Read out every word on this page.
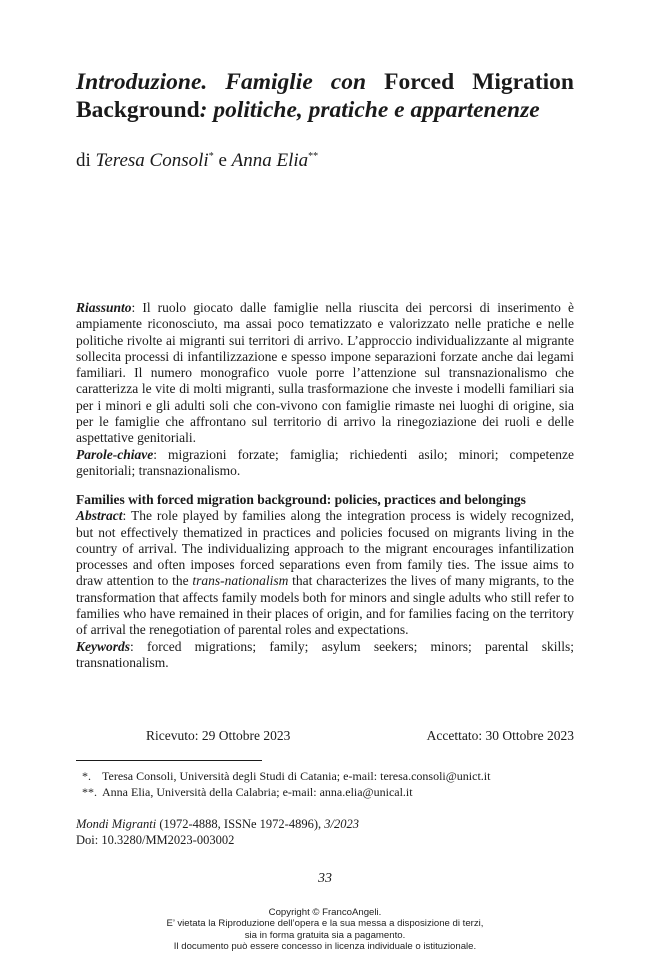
Introduzione. Famiglie con Forced Migration Background: politiche, pratiche e appartenenze
di Teresa Consoli* e Anna Elia**

Riassunto: Il ruolo giocato dalle famiglie nella riuscita dei percorsi di inserimento è ampiamente riconosciuto, ma assai poco tematizzato e valorizzato nelle pratiche e nelle politiche rivolte ai migranti sui territori di arrivo. L’approccio individualizzante al migrante sollecita processi di infantilizzazione e spesso impone separazioni forzate anche dai legami familiari. Il numero monografico vuole porre l’attenzione sul transnazionalismo che caratterizza le vite di molti migranti, sulla trasformazione che investe i modelli familiari sia per i minori e gli adulti soli che con-vivono con famiglie rimaste nei luoghi di origine, sia per le famiglie che affrontano sul territorio di arrivo la rinegoziazione dei ruoli e delle aspettative genitoriali.

Parole-chiave: migrazioni forzate; famiglia; richiedenti asilo; minori; competenze genitoriali; transnazionalismo.

Families with forced migration background: policies, practices and belongings

Abstract: The role played by families along the integration process is widely recognized, but not effectively thematized in practices and policies focused on migrants living in the country of arrival. The individualizing approach to the migrant encourages infantilization processes and often imposes forced separations even from family ties. The issue aims to draw attention to the trans-nationalism that characterizes the lives of many migrants, to the transformation that affects family models both for minors and single adults who still refer to families who have remained in their places of origin, and for families facing on the territory of arrival the renegotiation of parental roles and expectations.

Keywords: forced migrations; family; asylum seekers; minors; parental skills; transnationalism.

Ricevuto: 29 Ottobre 2023	Accettato: 30 Ottobre 2023
*. Teresa Consoli, Università degli Studi di Catania; e-mail: teresa.consoli@unict.it
**. Anna Elia, Università della Calabria; e-mail: anna.elia@unical.it
Mondi Migranti (1972-4888, ISSNe 1972-4896), 3/2023
Doi: 10.3280/MM2023-003002
33
Copyright © FrancoAngeli.
E’ vietata la Riproduzione dell’opera e la sua messa a disposizione di terzi,
sia in forma gratuita sia a pagamento.
Il documento può essere concesso in licenza individuale o istituzionale.
